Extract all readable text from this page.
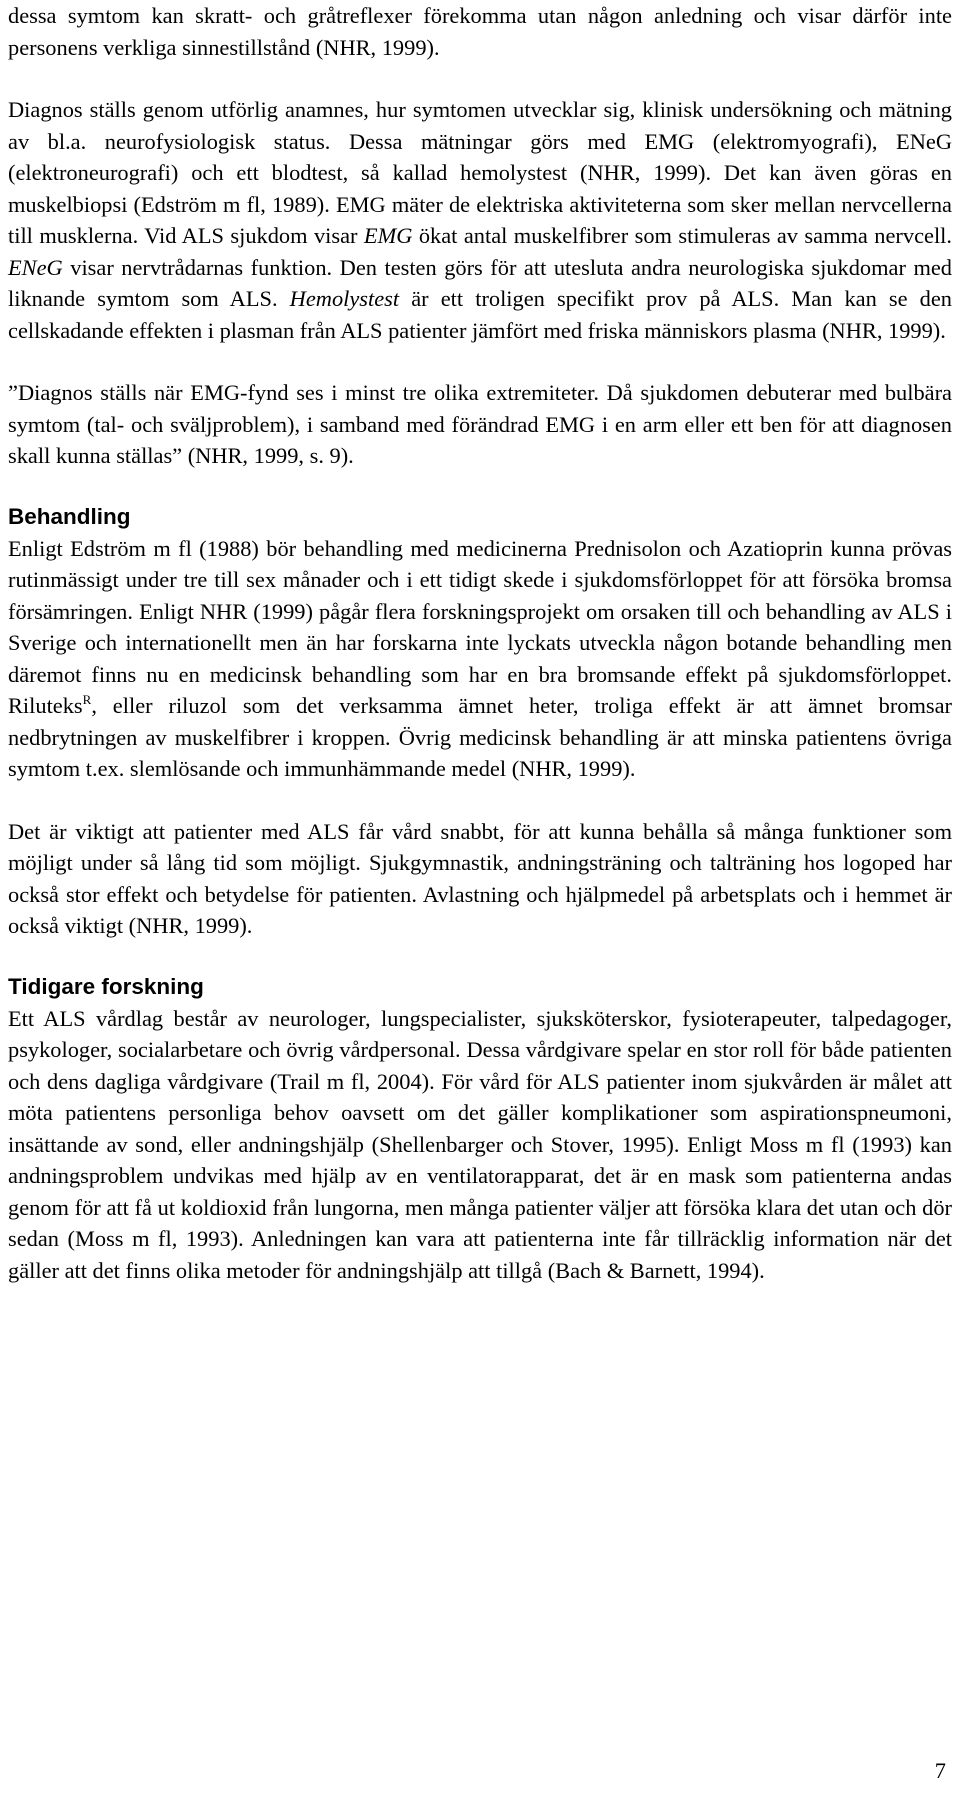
dessa symtom kan skratt- och gråtreflexer förekomma utan någon anledning och visar därför inte personens verkliga sinnestillstånd (NHR, 1999).

Diagnos ställs genom utförlig anamnes, hur symtomen utvecklar sig, klinisk undersökning och mätning av bl.a. neurofysiologisk status. Dessa mätningar görs med EMG (elektromyografi), ENeG (elektroneurografi) och ett blodtest, så kallad hemolystest (NHR, 1999). Det kan även göras en muskelbiopsi (Edström m fl, 1989). EMG mäter de elektriska aktiviteterna som sker mellan nervcellerna till musklerna. Vid ALS sjukdom visar EMG ökat antal muskelfibrer som stimuleras av samma nervcell. ENeG visar nervtrådarnas funktion. Den testen görs för att utesluta andra neurologiska sjukdomar med liknande symtom som ALS. Hemolystest är ett troligen specifikt prov på ALS. Man kan se den cellskadande effekten i plasman från ALS patienter jämfört med friska människors plasma (NHR, 1999).

”Diagnos ställs när EMG-fynd ses i minst tre olika extremiteter. Då sjukdomen debuterar med bulbära symtom (tal- och sväljproblem), i samband med förändrad EMG i en arm eller ett ben för att diagnosen skall kunna ställas” (NHR, 1999, s. 9).

Behandling

Enligt Edström m fl (1988) bör behandling med medicinerna Prednisolon och Azatioprin kunna prövas rutinmässigt under tre till sex månader och i ett tidigt skede i sjukdomsförloppet för att försöka bromsa försämringen. Enligt NHR (1999) pågår flera forskningsprojekt om orsaken till och behandling av ALS i Sverige och internationellt men än har forskarna inte lyckats utveckla någon botande behandling men däremot finns nu en medicinsk behandling som har en bra bromsande effekt på sjukdomsförloppet. Riluteks$^R$, eller riluzol som det verksamma ämnet heter, troliga effekt är att ämnet bromsar nedbrytningen av muskelfibrer i kroppen. Övrig medicinsk behandling är att minska patientens övriga symtom t.ex. slemlösande och immunhämmande medel (NHR, 1999).

Det är viktigt att patienter med ALS får vård snabbt, för att kunna behålla så många funktioner som möjligt under så lång tid som möjligt. Sjukgymnastik, andningsträning och talträning hos logoped har också stor effekt och betydelse för patienten. Avlastning och hjälpmedel på arbetsplats och i hemmet är också viktigt (NHR, 1999).

Tidigare forskning

Ett ALS vårdlag består av neurologer, lungspecialister, sjuksköterskor, fysioterapeuter, talpedagoger, psykologer, socialarbetare och övrig vårdpersonal. Dessa vårdgivare spelar en stor roll för både patienten och dens dagliga vårdgivare (Trail m fl, 2004). För vård för ALS patienter inom sjukvården är målet att möta patientens personliga behov oavsett om det gäller komplikationer som aspirationspneumoni, insättande av sond, eller andningshjälp (Shellenbarger och Stover, 1995). Enligt Moss m fl (1993) kan andningsproblem undvikas med hjälp av en ventilatorapparat, det är en mask som patienterna andas genom för att få ut koldioxid från lungorna, men många patienter väljer att försöka klara det utan och dör sedan (Moss m fl, 1993). Anledningen kan vara att patienterna inte får tillräcklig information när det gäller att det finns olika metoder för andningshjälp att tillgå (Bach & Barnett, 1994).

7
